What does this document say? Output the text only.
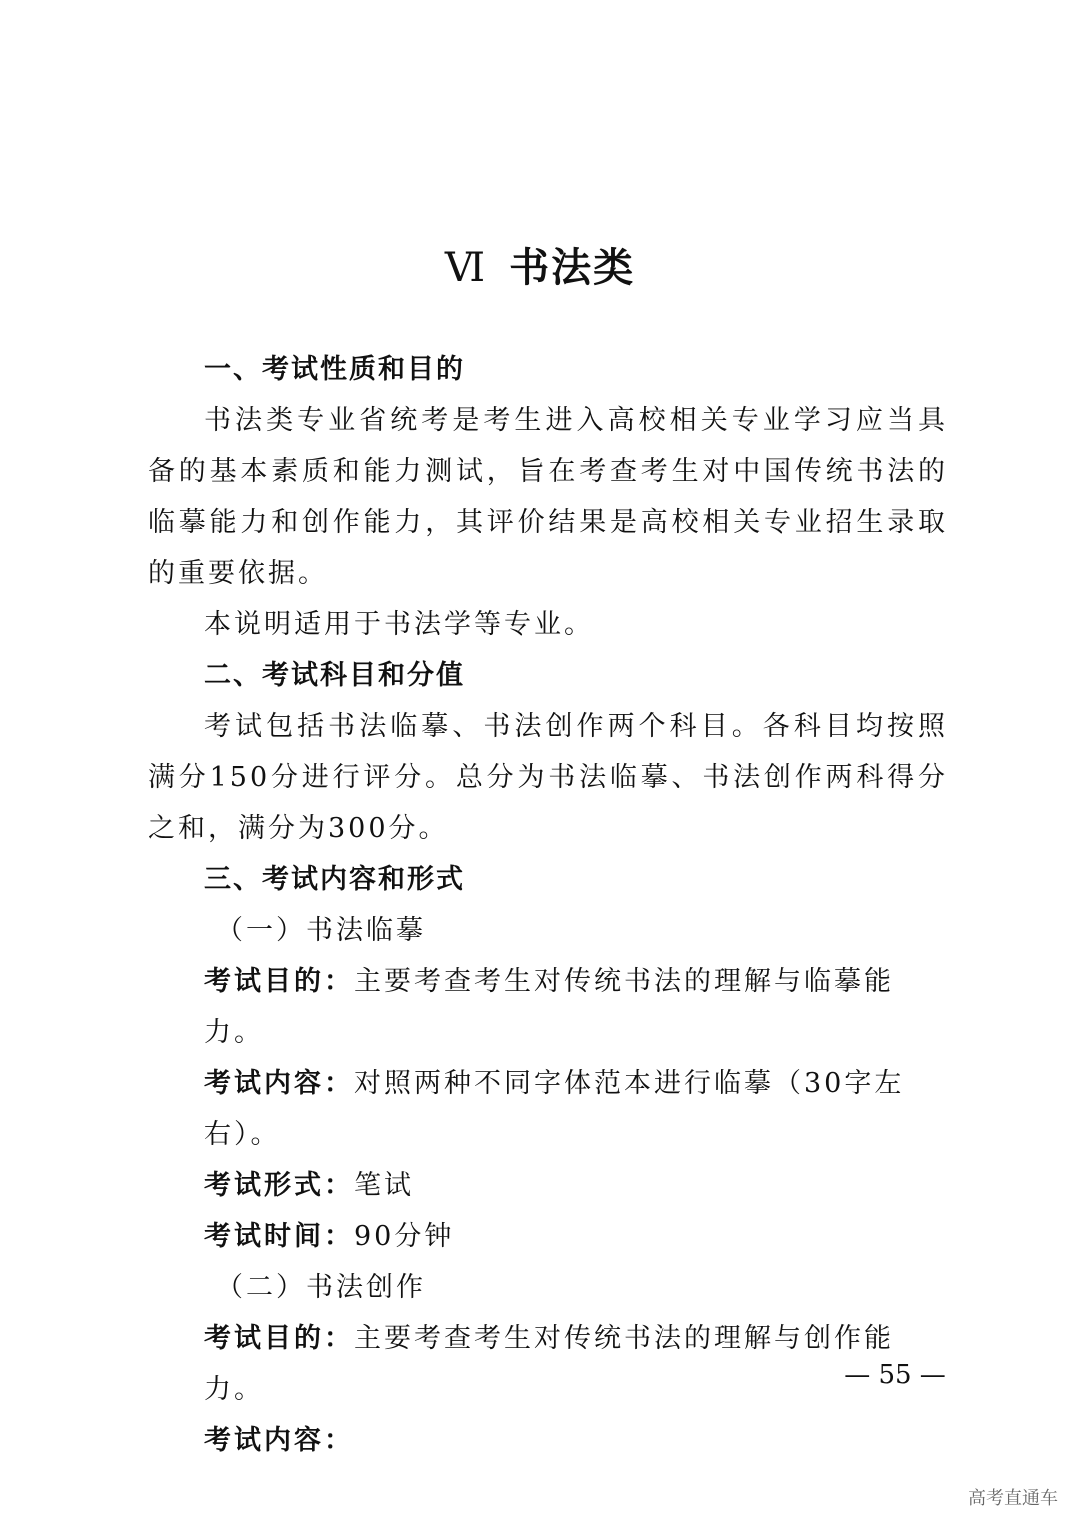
Ⅵ 书法类

一、考试性质和目的

书法类专业省统考是考生进入高校相关专业学习应当具备的基本素质和能力测试，旨在考查考生对中国传统书法的临摹能力和创作能力，其评价结果是高校相关专业招生录取的重要依据。

本说明适用于书法学等专业。

二、考试科目和分值

考试包括书法临摹、书法创作两个科目。各科目均按照满分150分进行评分。总分为书法临摹、书法创作两科得分之和，满分为300分。

三、考试内容和形式

（一）书法临摹

考试目的：主要考查考生对传统书法的理解与临摹能力。

考试内容：对照两种不同字体范本进行临摹（30字左右）。

考试形式：笔试

考试时间：90分钟

（二）书法创作

考试目的：主要考查考生对传统书法的理解与创作能力。

考试内容：

— 55 —
高考直通车
